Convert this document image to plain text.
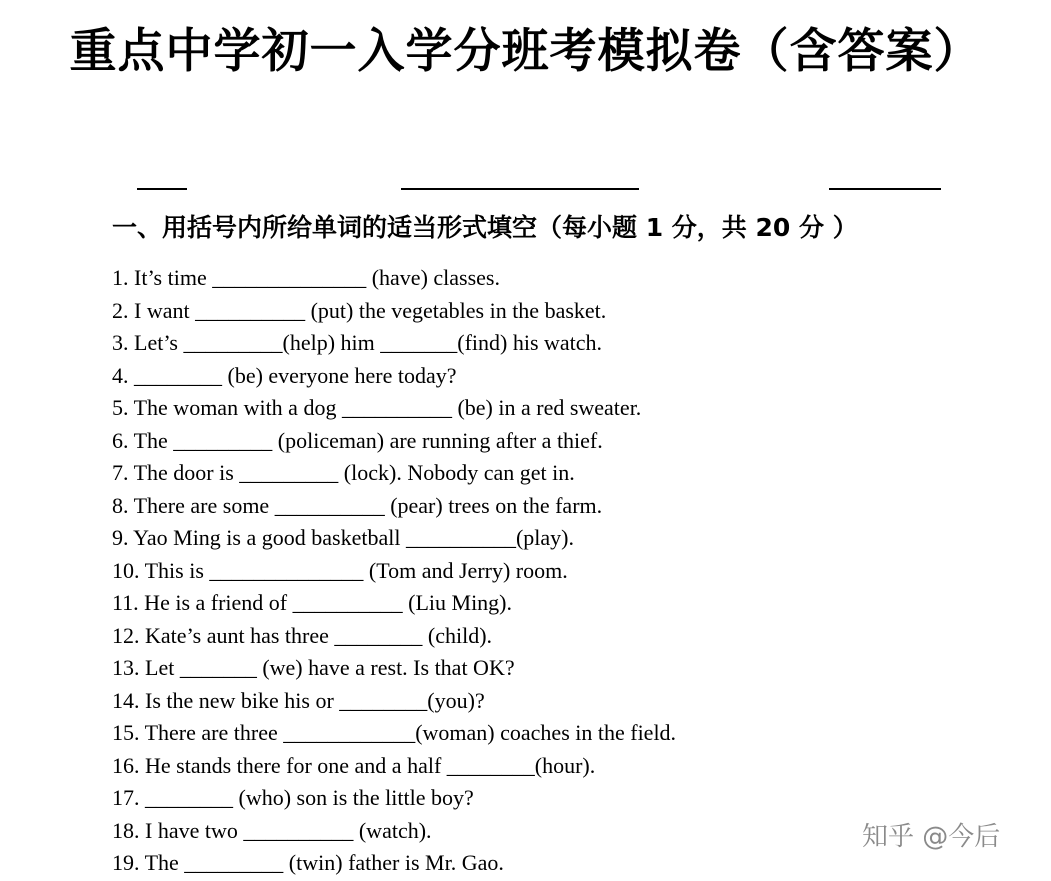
重点中学初一入学分班考模拟卷（含答案）
一、用括号内所给单词的适当形式填空（每小题 1 分，共 20 分 ）
1. It’s time ______________ (have) classes.
2. I want __________ (put) the vegetables in the basket.
3. Let’s _________(help) him _______(find) his watch.
4. ________ (be) everyone here today?
5. The woman with a dog __________ (be) in a red sweater.
6. The _________ (policeman) are running after a thief.
7. The door is _________ (lock). Nobody can get in.
8. There are some __________ (pear) trees on the farm.
9. Yao Ming is a good basketball __________(play).
10. This is ______________ (Tom and Jerry) room.
11. He is a friend of __________ (Liu Ming).
12. Kate’s aunt has three ________ (child).
13. Let _______ (we) have a rest. Is that OK?
14. Is the new bike his or ________(you)?
15. There are three ____________(woman) coaches in the field.
16. He stands there for one and a half ________(hour).
17. ________ (who) son is the little boy?
18. I have two __________ (watch).
19. The _________ (twin) father is Mr. Gao.
知乎 @今后
